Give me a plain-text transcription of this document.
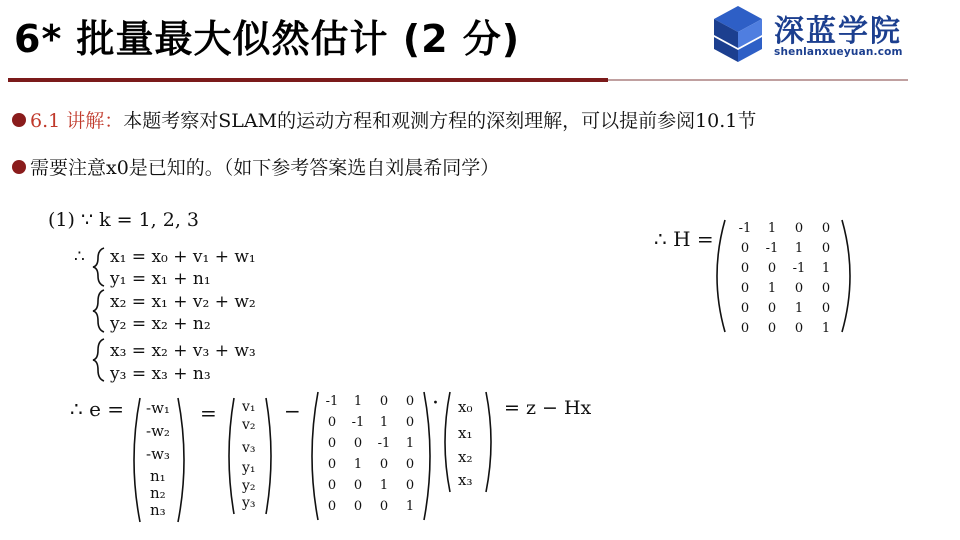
6* 批量最大似然估计 (2 分)	深蓝学院
shenlanxueyuan.com
6.1 讲解：本题考察对SLAM的运动方程和观测方程的深刻理解，可以提前参阅10.1节
需要注意x0是已知的。（如下参考答案选自刘晨希同学）
(1) ∵ k = 1, 2, 3
∴ x₁ = x₀ + v₁ + w₁
y₁ = x₁ + n₁
x₂ = x₁ + v₂ + w₂
y₂ = x₂ + n₂
x₃ = x₂ + v₃ + w₃
y₃ = x₃ + n₃
∴ e = -w₁
-w₂
-w₃
n₁
n₂
n₃
= v₁
v₂
v₃
y₁
y₂
y₃
− -1 1 0 0
0 -1 1 0
0 0 -1 1
0 1 0 0
0 0 1 0
0 0 0 1
· x₀
x₁
x₂
x₃
= z − Hx
∴ H = -1 1 0 0
0 -1 1 0
0 0 -1 1
0 1 0 0
0 0 1 0
0 0 0 1
